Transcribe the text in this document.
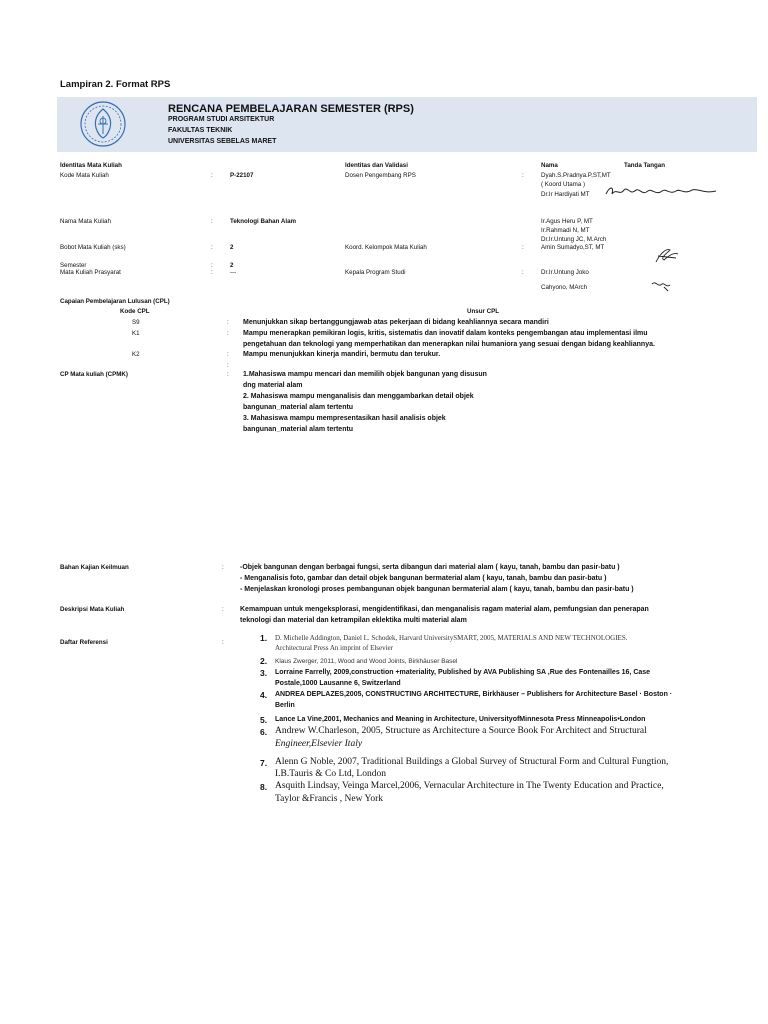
Lampiran 2. Format RPS
RENCANA PEMBELAJARAN SEMESTER (RPS)
PROGRAM STUDI ARSITEKTUR
FAKULTAS TEKNIK
UNIVERSITAS SEBELAS MARET
Identitas Mata Kuliah	Identitas dan Validasi	Nama	Tanda Tangan
Kode Mata Kuliah	:	P-22107	Dosen Pengembang RPS	:	Dyah.S.Pradnya.P,ST,MT
( Koord Utama )
Dr.Ir Hardiyati MT
Nama Mata Kuliah	:	Teknologi Bahan Alam	Ir.Agus Heru P, MT
Ir.Rahmadi N, MT
Dr.Ir.Untung JC, M.Arch
Bobot Mata Kuliah (sks)	:	2	Koord. Kelompok Mata Kuliah	:	Amin Sumadyo,ST, MT
Semester	:	2
Mata Kuliah Prasyarat	:	---	Kepala Program Studi	:	Dr.Ir.Untung Joko
Cahyono, MArch
Capaian Pembelajaran Lulusan (CPL)
Kode CPL	Unsur CPL
S9	: Menunjukkan sikap bertanggungjawab atas pekerjaan di bidang keahliannya secara mandiri
K1	: Mampu menerapkan pemikiran logis, kritis, sistematis dan inovatif dalam konteks pengembangan atau implementasi ilmu
pengetahuan dan teknologi yang memperhatikan dan menerapkan nilai humaniora yang sesuai dengan bidang keahliannya.
K2	: Mampu menunjukkan kinerja mandiri, bermutu dan terukur.
:
CP Mata kuliah (CPMK)	: 1.Mahasiswa mampu mencari dan memilih objek bangunan yang disusun
dng material alam
2. Mahasiswa mampu menganalisis dan menggambarkan detail objek
bangunan_material alam tertentu
3. Mahasiswa mampu mempresentasikan hasil analisis objek
bangunan_material alam tertentu
Bahan Kajian Keilmuan	: -Objek bangunan dengan berbagai fungsi, serta dibangun dari material alam ( kayu, tanah, bambu dan pasir-batu )
- Menganalisis foto, gambar dan detail objek bangunan bermaterial alam ( kayu, tanah, bambu dan pasir-batu )
- Menjelaskan kronologi proses pembangunan objek bangunan bermaterial alam ( kayu, tanah, bambu dan pasir-batu )
Deskripsi Mata Kuliah	: Kemampuan untuk mengeksplorasi, mengidentifikasi, dan menganalisis ragam material alam, pemfungsian dan penerapan
teknologi dan material dan ketrampilan eklektika multi material alam
Daftar Referensi	:	1. D. Michelle Addington, Daniel L. Schodek, Harvard UniversitySMART, 2005, MATERIALS AND NEW TECHNOLOGIES.
Architectural Press An imprint of Elsevier
2. Klaus Zwerger, 2011, Wood and Wood Joints, Birkhäuser Basel
3. Lorraine Farrelly, 2009,construction +materiality, Published by AVA Publishing SA ,Rue des Fontenailles 16, Case
Postale,1000 Lausanne 6, Switzerland
4. ANDREA DEPLAZES,2005, CONSTRUCTING ARCHITECTURE, Birkhäuser – Publishers for Architecture Basel · Boston ·
Berlin
5. Lance La Vine,2001, Mechanics and Meaning in Architecture, UniversityofMinnesota Press Minneapolis•London
6. Andrew W.Charleson, 2005, Structure as Architecture a Source Book For Architect and Structural
Engineer,Elsevier Italy
7. Alenn G Noble, 2007, Traditional Buildings a Global Survey of Structural Form and Cultural Fungtion,
I.B.Tauris & Co Ltd, London
8. Asquith Lindsay, Veinga Marcel,2006, Vernacular Architecture in The Twenty Education and Practice,
Taylor &Francis , New York
